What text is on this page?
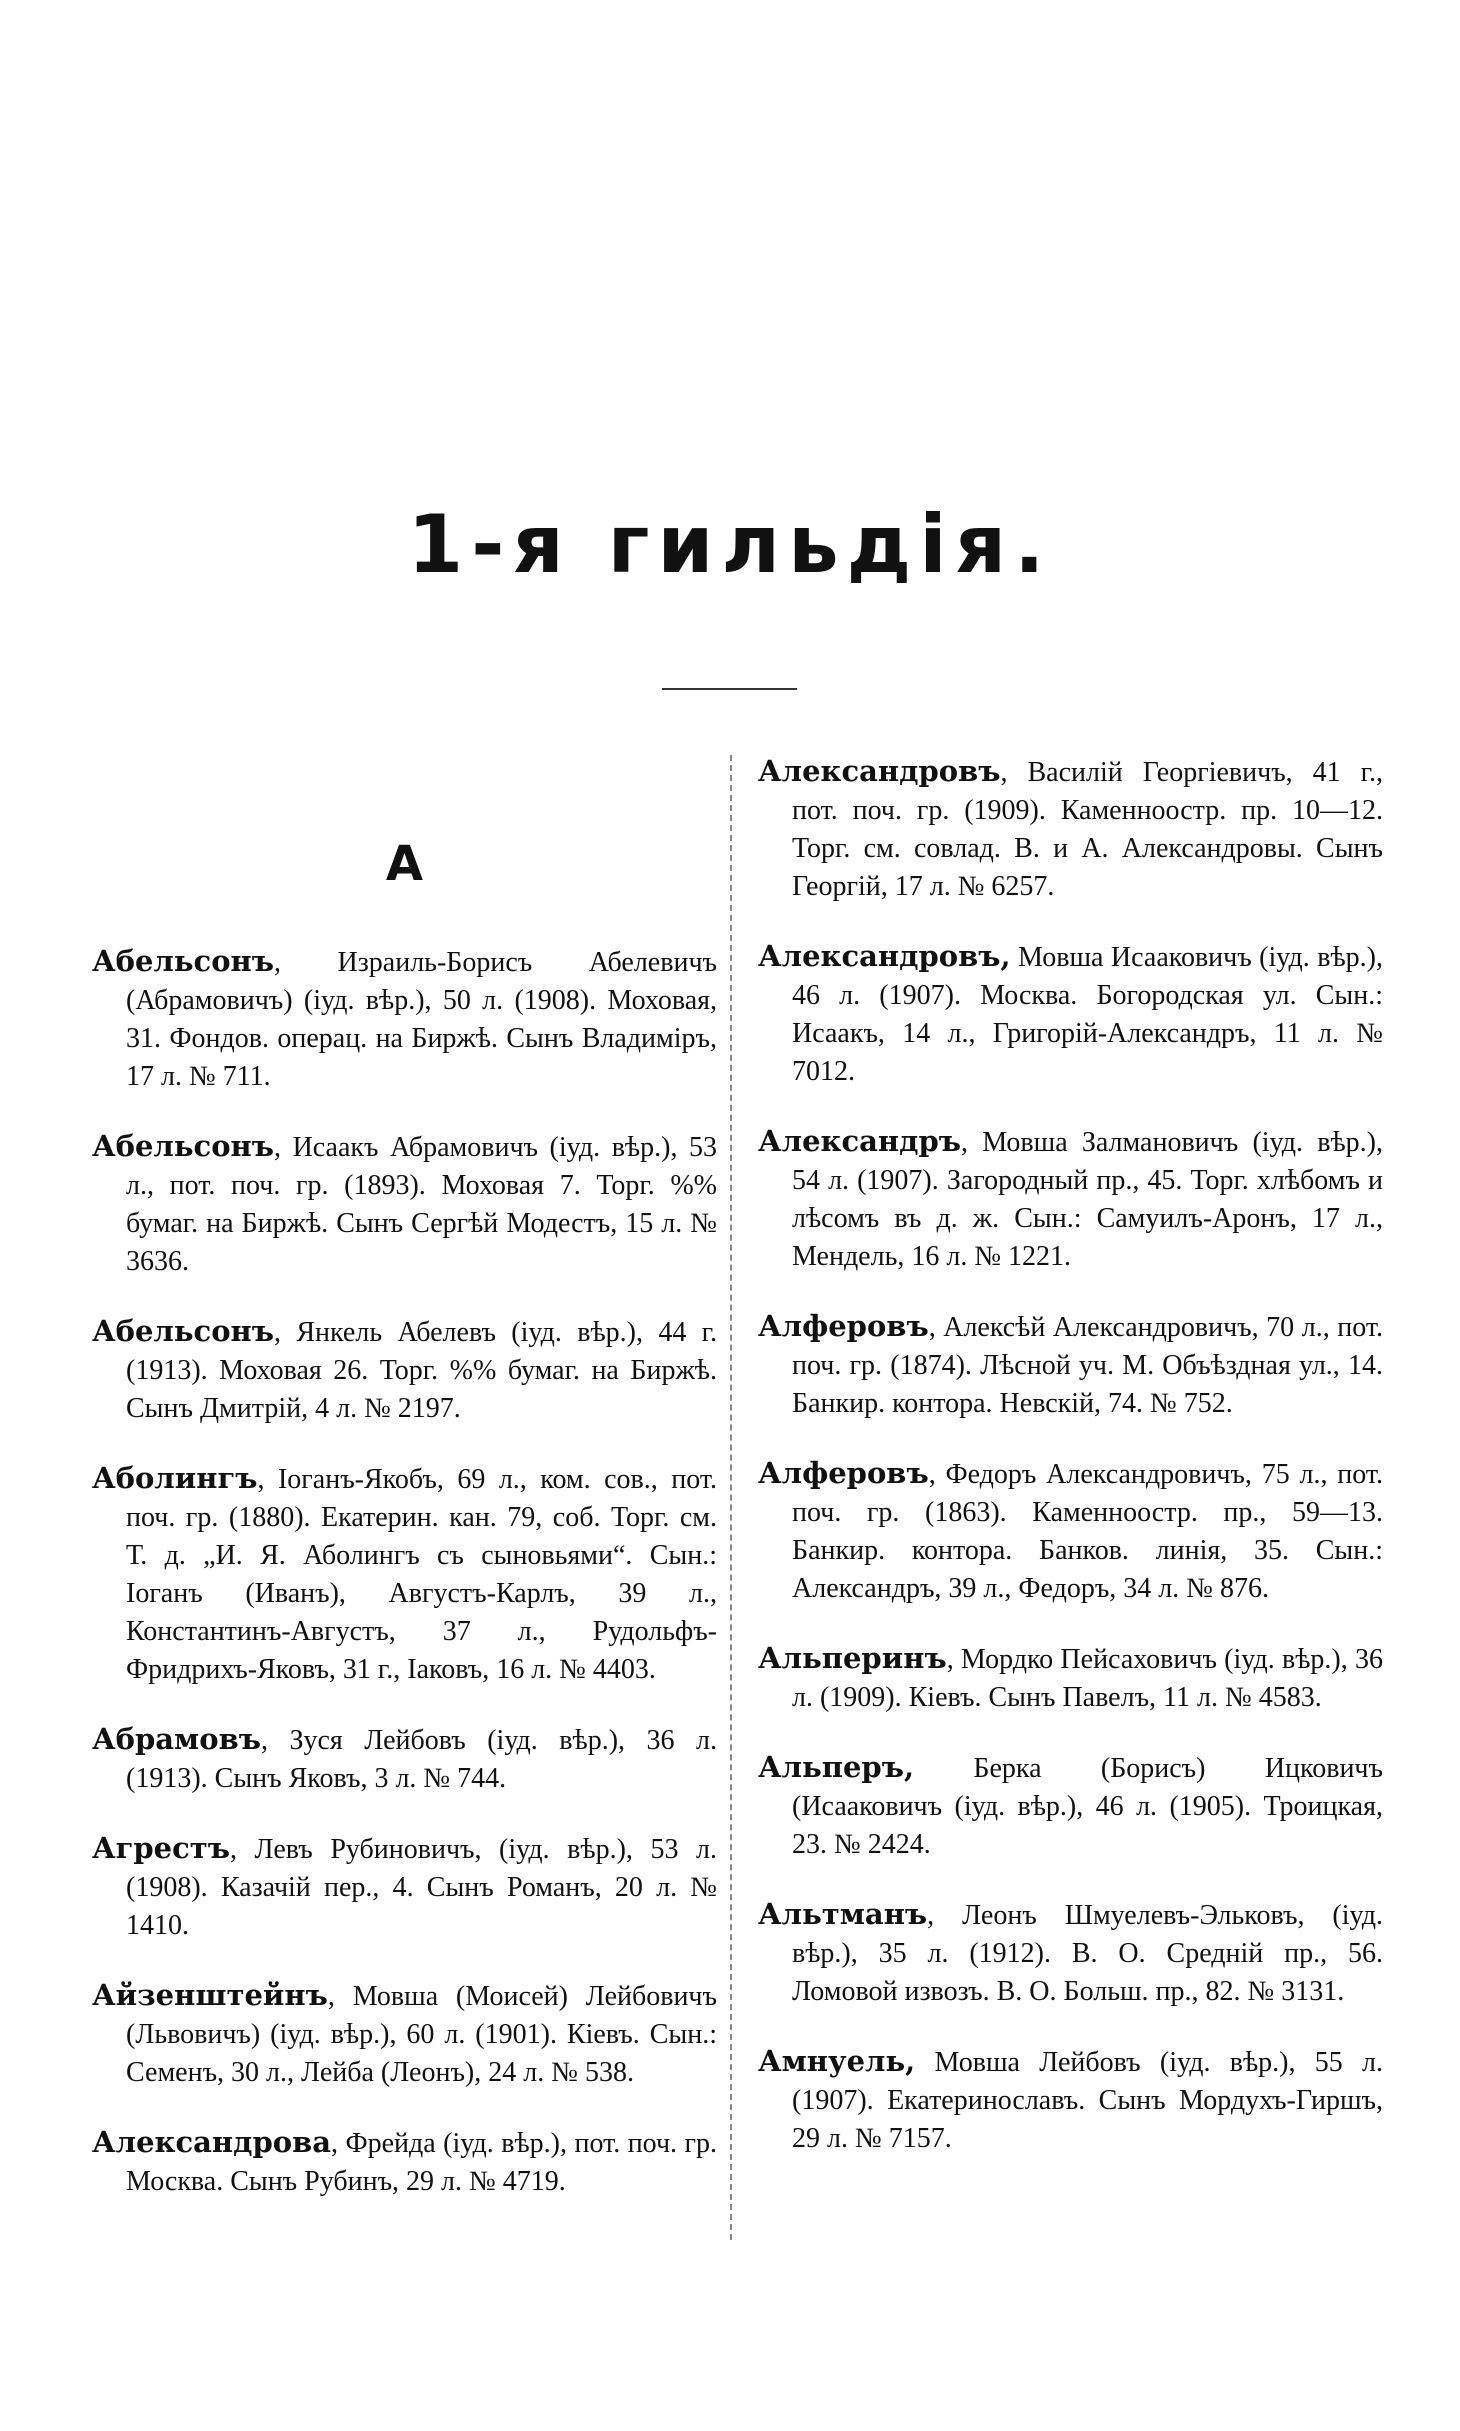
1-я гильдія.
А

Абельсонъ, Израиль-Борисъ Абелевичъ (Абрамовичъ) (iуд. вѣр.), 50 л. (1908). Моховая, 31. Фондов. операц. на Биржѣ. Сынъ Владимiръ, 17 л. № 711.

Абельсонъ, Исаакъ Абрамовичъ (iуд. вѣр.), 53 л., пот. поч. гр. (1893). Моховая 7. Торг. %% бумаг. на Биржѣ. Сынъ Сергѣй Модестъ, 15 л. № 3636.

Абельсонъ, Янкель Абелевъ (iуд. вѣр.), 44 г. (1913). Моховая 26. Торг. %% бумаг. на Биржѣ. Сынъ Дмитрiй, 4 л. № 2197.

Аболингъ, Iоганъ-Якобъ, 69 л., ком. сов., пот. поч. гр. (1880). Екатерин. кан. 79, соб. Торг. см. Т. д. „И. Я. Аболингъ съ сыновьями“. Сын.: Iоганъ (Иванъ), Августъ-Карлъ, 39 л., Константинъ-Августъ, 37 л., Рудольфъ-Фридрихъ-Яковъ, 31 г., Iаковъ, 16 л. № 4403.

Абрамовъ, Зуся Лейбовъ (iуд. вѣр.), 36 л. (1913). Сынъ Яковъ, 3 л. № 744.

Агрестъ, Левъ Рубиновичъ, (iуд. вѣр.), 53 л. (1908). Казачiй пер., 4. Сынъ Романъ, 20 л. № 1410.

Айзенштейнъ, Мовша (Моисей) Лейбовичъ (Львовичъ) (iуд. вѣр.), 60 л. (1901). Кiевъ. Сын.: Семенъ, 30 л., Лейба (Леонъ), 24 л. № 538.

Александрова, Фрейда (iуд. вѣр.), пот. поч. гр. Москва. Сынъ Рубинъ, 29 л. № 4719.

Александровъ, Василiй Георгiевичъ, 41 г., пот. поч. гр. (1909). Каменноостр. пр. 10—12. Торг. см. совлад. В. и А. Александровы. Сынъ Георгiй, 17 л. № 6257.

Александровъ, Мовша Исааковичъ (iуд. вѣр.), 46 л. (1907). Москва. Богородская ул. Сын.: Исаакъ, 14 л., Григорiй-Александръ, 11 л. № 7012.

Александръ, Мовша Залмановичъ (iуд. вѣр.), 54 л. (1907). Загородный пр., 45. Торг. хлѣбомъ и лѣсомъ въ д. ж. Сын.: Самуилъ-Аронъ, 17 л., Мендель, 16 л. № 1221.

Алферовъ, Алексѣй Александровичъ, 70 л., пот. поч. гр. (1874). Лѣсной уч. М. Объѣздная ул., 14. Банкир. контора. Невскiй, 74. № 752.

Алферовъ, Федоръ Александровичъ, 75 л., пот. поч. гр. (1863). Каменноостр. пр., 59—13. Банкир. контора. Банков. линiя, 35. Сын.: Александръ, 39 л., Федоръ, 34 л. № 876.

Альперинъ, Мордко Пейсаховичъ (iуд. вѣр.), 36 л. (1909). Кiевъ. Сынъ Павелъ, 11 л. № 4583.

Альперъ, Берка (Борисъ) Ицковичъ (Исааковичъ (iуд. вѣр.), 46 л. (1905). Троицкая, 23. № 2424.

Альтманъ, Леонъ Шмуелевъ-Эльковъ, (iуд. вѣр.), 35 л. (1912). В. О. Среднiй пр., 56. Ломовой извозъ. В. О. Больш. пр., 82. № 3131.

Амнуель, Мовша Лейбовъ (iуд. вѣр.), 55 л. (1907). Екатеринославъ. Сынъ Мордухъ-Гиршъ, 29 л. № 7157.
